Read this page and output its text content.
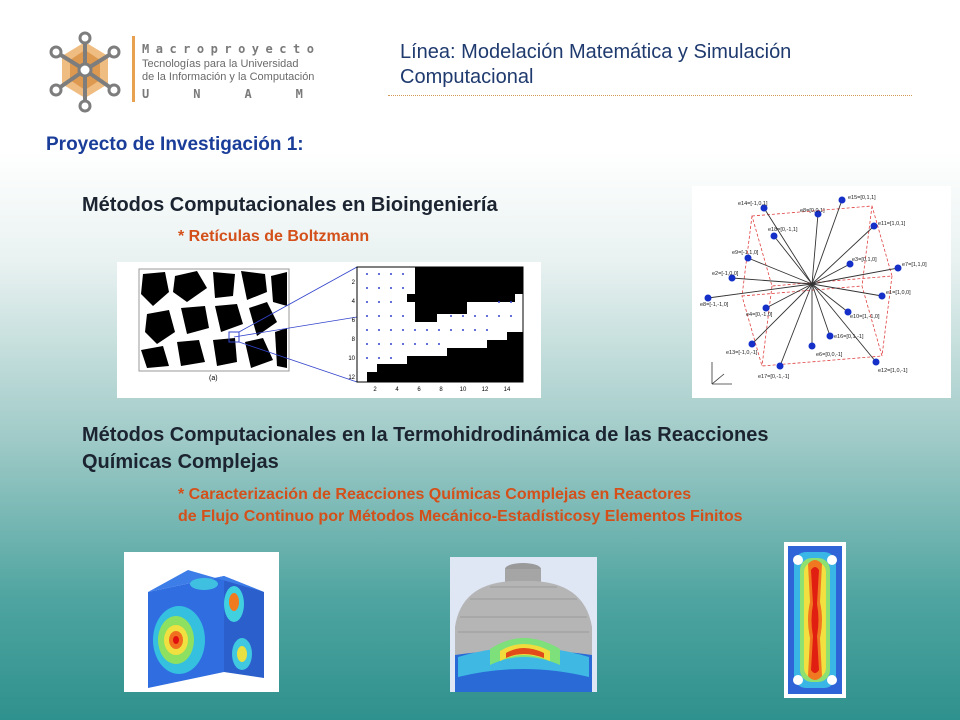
Macroproyecto
Tecnologías para la Universidad
de la Información y la Computación
UNAM
Línea: Modelación Matemática y Simulación
Computacional
Proyecto de Investigación 1:
Métodos Computacionales en Bioingeniería
* Retículas de Boltzmann
(a)
2
4
6
8
10
12
2	4	6	8	10	12	14
e14=[-1,0,1]
e8=[0,0,1]
e15=[0,1,1]
e11=[1,0,1]
e18=[0,-1,1]
e9=[-1,1,0]
e3=[0,1,0]
e7=[1,1,0]
e2=[-1,0,0]
e1=[1,0,0]
e8=[-1,-1,0]
e4=[0,-1,0]	e10=[1,-1,0]
e6=[0,0,-1]
e16=[0,1,-1]
e13=[-1,0,-1]
e17=[0,-1,-1]
e12=[1,0,-1]
Métodos Computacionales en la Termohidrodinámica de las Reacciones
Químicas Complejas
* Caracterización de Reacciones Químicas Complejas en Reactores
de Flujo Continuo por Métodos Mecánico-Estadísticosy Elementos Finitos
